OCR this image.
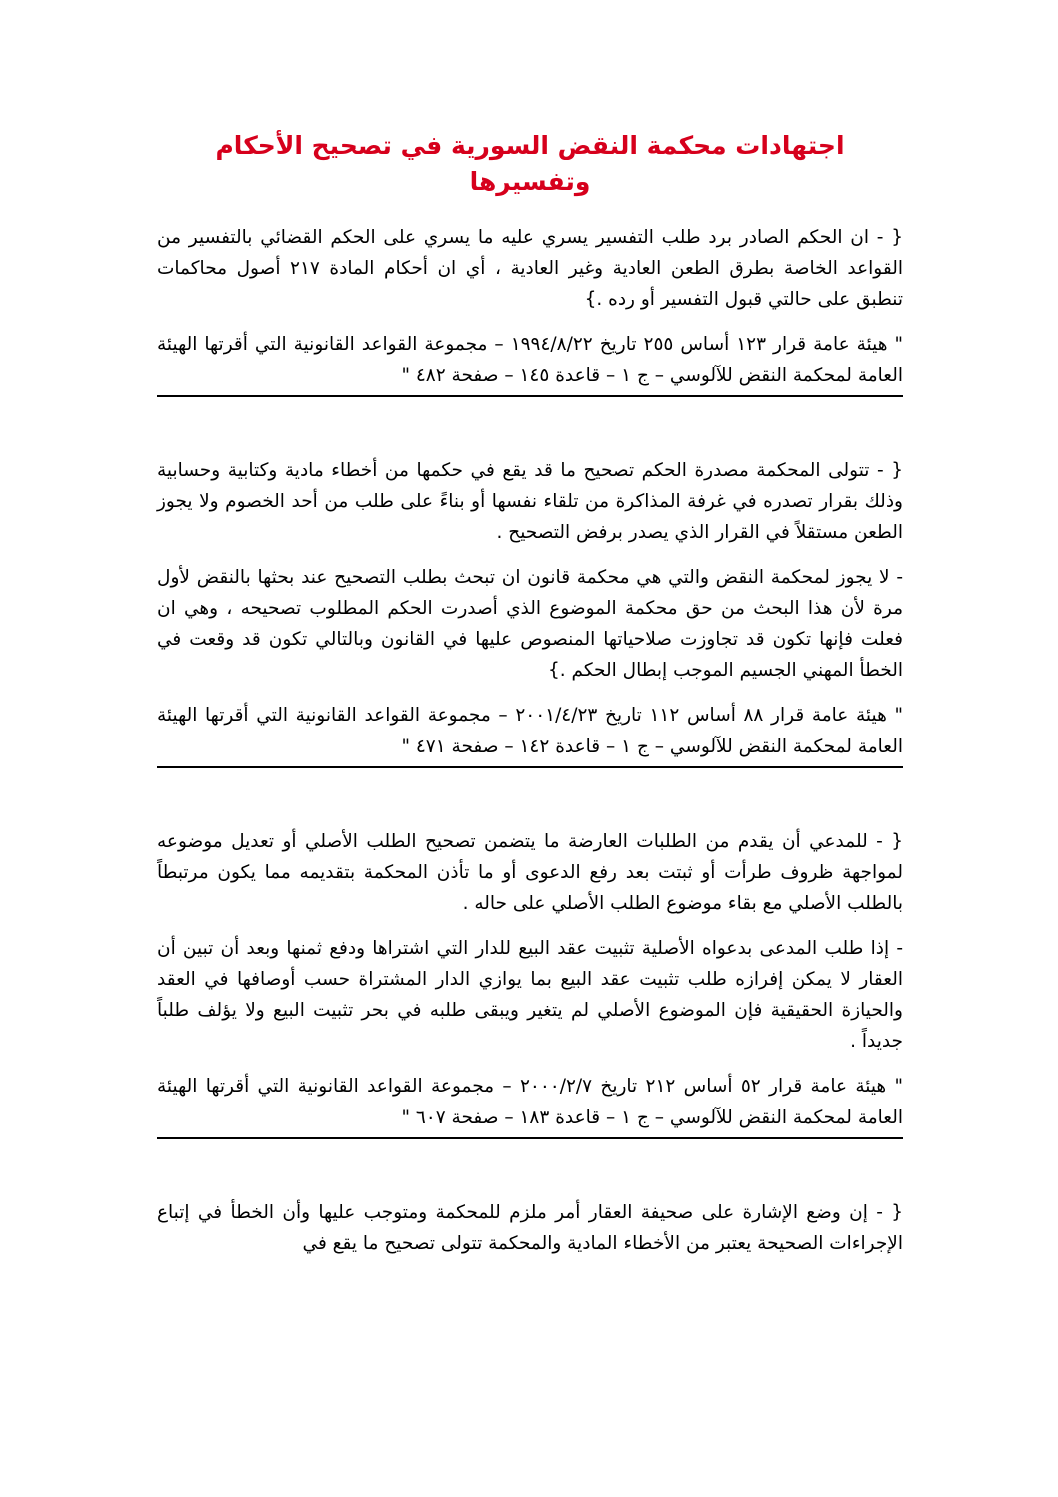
اجتهادات محكمة النقض السورية في تصحيح الأحكام وتفسيرها

{ - ان الحكم الصادر برد طلب التفسير يسري عليه ما يسري على الحكم القضائي بالتفسير من القواعد الخاصة بطرق الطعن العادية وغير العادية ، أي ان أحكام المادة ٢١٧ أصول محاكمات تنطبق على حالتي قبول التفسير أو رده .}

" هيئة عامة قرار ١٢٣ أساس ٢٥٥ تاريخ ١٩٩٤/٨/٢٢ – مجموعة القواعد القانونية التي أقرتها الهيئة العامة لمحكمة النقض للآلوسي – ج ١ – قاعدة ١٤٥ – صفحة ٤٨٢ "

{ - تتولى المحكمة مصدرة الحكم تصحيح ما قد يقع في حكمها من أخطاء مادية وكتابية وحسابية وذلك بقرار تصدره في غرفة المذاكرة من تلقاء نفسها أو بناءً على طلب من أحد الخصوم ولا يجوز الطعن مستقلاً في القرار الذي يصدر برفض التصحيح .

- لا يجوز لمحكمة النقض والتي هي محكمة قانون ان تبحث بطلب التصحيح عند بحثها بالنقض لأول مرة لأن هذا البحث من حق محكمة الموضوع الذي أصدرت الحكم المطلوب تصحيحه ، وهي ان فعلت فإنها تكون قد تجاوزت صلاحياتها المنصوص عليها في القانون وبالتالي تكون قد وقعت في الخطأ المهني الجسيم الموجب إبطال الحكم .}

" هيئة عامة قرار ٨٨ أساس ١١٢ تاريخ ٢٠٠١/٤/٢٣ – مجموعة القواعد القانونية التي أقرتها الهيئة العامة لمحكمة النقض للآلوسي – ج ١ – قاعدة ١٤٢ – صفحة ٤٧١ "

{ - للمدعي أن يقدم من الطلبات العارضة ما يتضمن تصحيح الطلب الأصلي أو تعديل موضوعه لمواجهة ظروف طرأت أو ثبتت بعد رفع الدعوى أو ما تأذن المحكمة بتقديمه مما يكون مرتبطاً بالطلب الأصلي مع بقاء موضوع الطلب الأصلي على حاله .

- إذا طلب المدعى بدعواه الأصلية تثبيت عقد البيع للدار التي اشتراها ودفع ثمنها وبعد أن تبين أن العقار لا يمكن إفرازه طلب تثبيت عقد البيع بما يوازي الدار المشتراة حسب أوصافها في العقد والحيازة الحقيقية فإن الموضوع الأصلي لم يتغير ويبقى طلبه في بحر تثبيت البيع ولا يؤلف طلباً جديداً .

" هيئة عامة قرار ٥٢ أساس ٢١٢ تاريخ ٢٠٠٠/٢/٧ – مجموعة القواعد القانونية التي أقرتها الهيئة العامة لمحكمة النقض للآلوسي – ج ١ – قاعدة ١٨٣ – صفحة ٦٠٧ "

{ - إن وضع الإشارة على صحيفة العقار أمر ملزم للمحكمة ومتوجب عليها وأن الخطأ في إتباع الإجراءات الصحيحة يعتبر من الأخطاء المادية والمحكمة تتولى تصحيح ما يقع في
